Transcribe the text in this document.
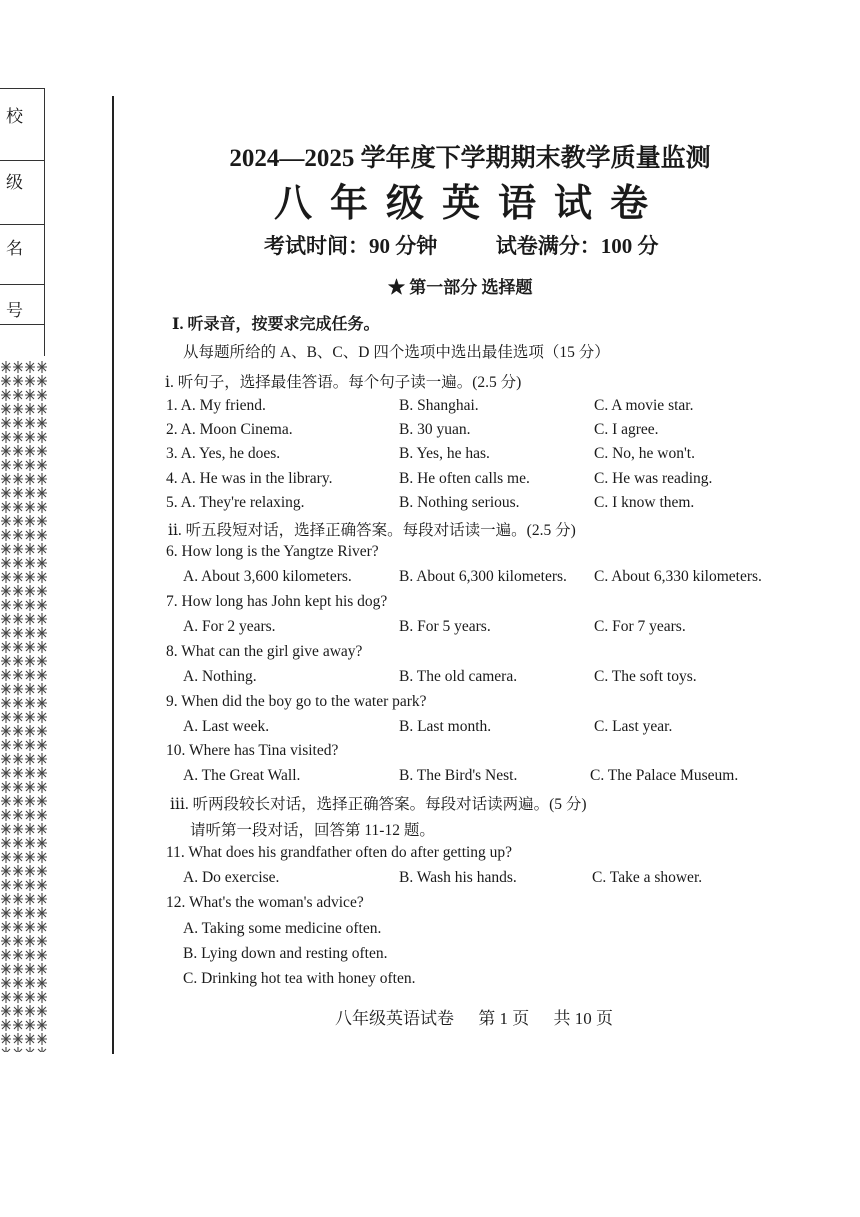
校
级
名
号
2024—2025 学年度下学期期末教学质量监测
八年级英语试卷
考试时间：90 分钟	试卷满分：100 分
★ 第一部分 选择题
Ⅰ. 听录音，按要求完成任务。
从每题所给的 A、B、C、D 四个选项中选出最佳选项（15 分）
ⅰ. 听句子，选择最佳答语。每个句子读一遍。(2.5 分)
1. A. My friend.	B. Shanghai.	C. A movie star.
2. A. Moon Cinema.	B. 30 yuan.	C. I agree.
3. A. Yes, he does.	B. Yes, he has.	C. No, he won't.
4. A. He was in the library.	B. He often calls me.	C. He was reading.
5. A. They're relaxing.	B. Nothing serious.	C. I know them.
ⅱ. 听五段短对话，选择正确答案。每段对话读一遍。(2.5 分)
6. How long is the Yangtze River?
A. About 3,600 kilometers.	B. About 6,300 kilometers. C. About 6,330 kilometers.
7. How long has John kept his dog?
A. For 2 years.	B. For 5 years.	C. For 7 years.
8. What can the girl give away?
A. Nothing.	B. The old camera.	C. The soft toys.
9. When did the boy go to the water park?
A. Last week.	B. Last month.	C. Last year.
10. Where has Tina visited?
A. The Great Wall.	B. The Bird's Nest.	C. The Palace Museum.
ⅲ. 听两段较长对话，选择正确答案。每段对话读两遍。(5 分)
请听第一段对话，回答第 11-12 题。
11. What does his grandfather often do after getting up?
A. Do exercise.	B. Wash his hands.	C. Take a shower.
12. What's the woman's advice?
A. Taking some medicine often.
B. Lying down and resting often.
C. Drinking hot tea with honey often.
八年级英语试卷 第 1 页 共 10 页
